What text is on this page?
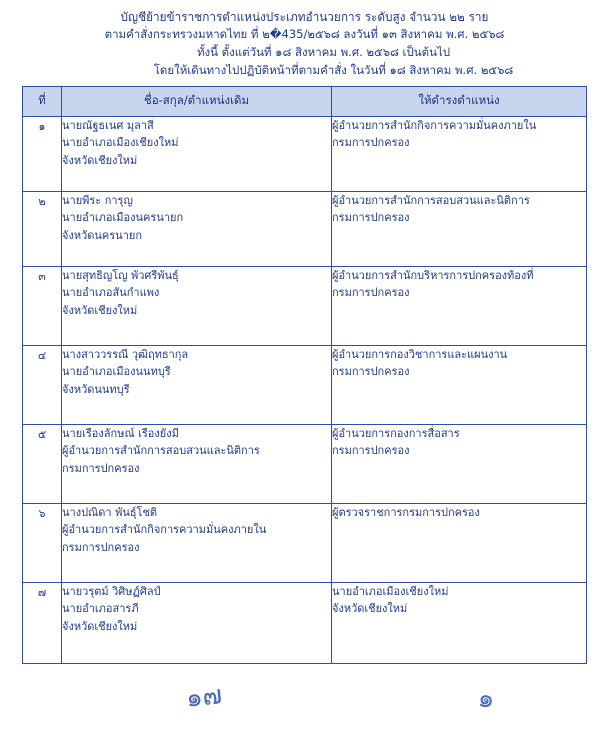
บัญชีย้ายข้าราชการตำแหน่งประเภทอำนวยการ ระดับสูง จำนวน ๒๒ ราย
ตามคำสั่งกระทรวงมหาดไทย ที่ ๒�435/๒๕๖๘ ลงวันที่ ๑๓ สิงหาคม พ.ศ. ๒๕๖๘
ทั้งนี้ ตั้งแต่วันที่ ๑๘ สิงหาคม พ.ศ. ๒๕๖๘ เป็นต้นไป
โดยให้เดินทางไปปฏิบัติหน้าที่ตามคำสั่ง ในวันที่ ๑๘ สิงหาคม พ.ศ. ๒๕๖๘
ที่	ชื่อ-สกุล/ตำแหน่งเดิม	ให้ดำรงตำแหน่ง
๑	นายณัฐธเนศ มุลาสี
นายอำเภอเมืองเชียงใหม่
จังหวัดเชียงใหม่	ผู้อำนวยการสำนักกิจการความมั่นคงภายใน
กรมการปกครอง

๒	นายพีระ การุญ
นายอำเภอเมืองนครนายก
จังหวัดนครนายก	ผู้อำนวยการสำนักการสอบสวนและนิติการ
กรมการปกครอง

๓	นายสุทธิญโญ พัวศรีพันธุ์
นายอำเภอสันกำแพง
จังหวัดเชียงใหม่	ผู้อำนวยการสำนักบริหารการปกครองท้องที่
กรมการปกครอง

๔	นางสาววรรณี วุฒิฤทธากุล
นายอำเภอเมืองนนทบุรี
จังหวัดนนทบุรี	ผู้อำนวยการกองวิชาการและแผนงาน
กรมการปกครอง

๕	นายเรืองลักษณ์ เรืองยังมี
ผู้อำนวยการสำนักการสอบสวนและนิติการ
กรมการปกครอง	ผู้อำนวยการกองการสื่อสาร
กรมการปกครอง

๖	นางปณิดา พันธุ์โชติ
ผู้อำนวยการสำนักกิจการความมั่นคงภายใน
กรมการปกครอง	ผู้ตรวจราชการกรมการปกครอง

๗	นายวรุตม์ วิศิษฏ์ศิลป์
นายอำเภอสารภี
จังหวัดเชียงใหม่	นายอำเภอเมืองเชียงใหม่
จังหวัดเชียงใหม่
๑๗	๑
